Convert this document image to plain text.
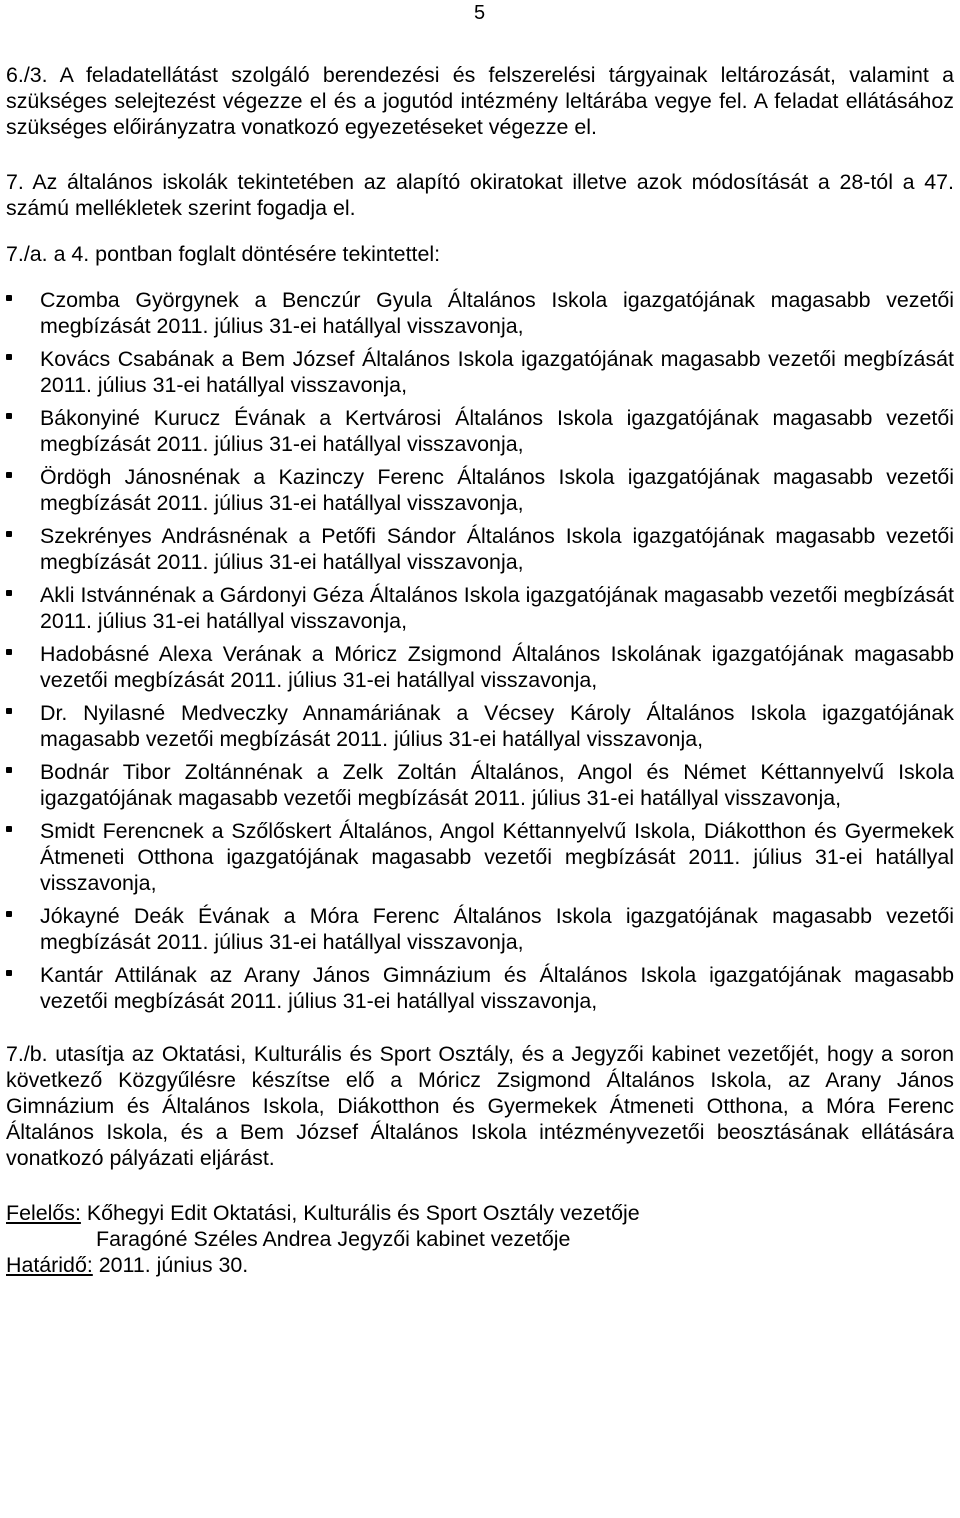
5

6./3. A feladatellátást szolgáló berendezési és felszerelési tárgyainak leltározását, valamint a szükséges selejtezést végezze el és a jogutód intézmény leltárába vegye fel. A feladat ellátásához szükséges előirányzatra vonatkozó egyezetéseket végezze el.

7. Az általános iskolák tekintetében az alapító okiratokat illetve azok módosítását a 28-tól a 47. számú mellékletek szerint fogadja el.

7./a. a 4. pontban foglalt döntésére tekintettel:

Czomba Györgynek a Benczúr Gyula Általános Iskola igazgatójának magasabb vezetői megbízását 2011. július 31-ei hatállyal visszavonja,
Kovács Csabának a Bem József Általános Iskola igazgatójának magasabb vezetői megbízását 2011. július 31-ei hatállyal visszavonja,
Bákonyiné Kurucz Évának a Kertvárosi Általános Iskola igazgatójának magasabb vezetői megbízását 2011. július 31-ei hatállyal visszavonja,
Ördögh Jánosnénak a Kazinczy Ferenc Általános Iskola igazgatójának magasabb vezetői megbízását 2011. július 31-ei hatállyal visszavonja,
Szekrényes Andrásnénak a Petőfi Sándor Általános Iskola igazgatójának magasabb vezetői megbízását 2011. július 31-ei hatállyal visszavonja,
Akli Istvánnénak a Gárdonyi Géza Általános Iskola igazgatójának magasabb vezetői megbízását 2011. július 31-ei hatállyal visszavonja,
Hadobásné Alexa Verának a Móricz Zsigmond Általános Iskolának igazgatójának magasabb vezetői megbízását 2011. július 31-ei hatállyal visszavonja,
Dr. Nyilasné Medveczky Annamáriának a Vécsey Károly Általános Iskola igazgatójának magasabb vezetői megbízását 2011. július 31-ei hatállyal visszavonja,
Bodnár Tibor Zoltánnénak a Zelk Zoltán Általános, Angol és Német Kéttannyelvű Iskola igazgatójának magasabb vezetői megbízását 2011. július 31-ei hatállyal visszavonja,
Smidt Ferencnek a Szőlőskert Általános, Angol Kéttannyelvű Iskola, Diákotthon és Gyermekek Átmeneti Otthona igazgatójának magasabb vezetői megbízását 2011. július 31-ei hatállyal visszavonja,
Jókayné Deák Évának a Móra Ferenc Általános Iskola igazgatójának magasabb vezetői megbízását 2011. július 31-ei hatállyal visszavonja,
Kantár Attilának az Arany János Gimnázium és Általános Iskola igazgatójának magasabb vezetői megbízását 2011. július 31-ei hatállyal visszavonja,

7./b. utasítja az Oktatási, Kulturális és Sport Osztály, és a Jegyzői kabinet vezetőjét, hogy a soron következő Közgyűlésre készítse elő a Móricz Zsigmond Általános Iskola, az Arany János Gimnázium és Általános Iskola, Diákotthon és Gyermekek Átmeneti Otthona, a Móra Ferenc Általános Iskola, és a Bem József Általános Iskola intézményvezetői beosztásának ellátására vonatkozó pályázati eljárást.

Felelős: Kőhegyi Edit Oktatási, Kulturális és Sport Osztály vezetője

Faragóné Széles Andrea Jegyzői kabinet vezetője

Határidő: 2011. június 30.
